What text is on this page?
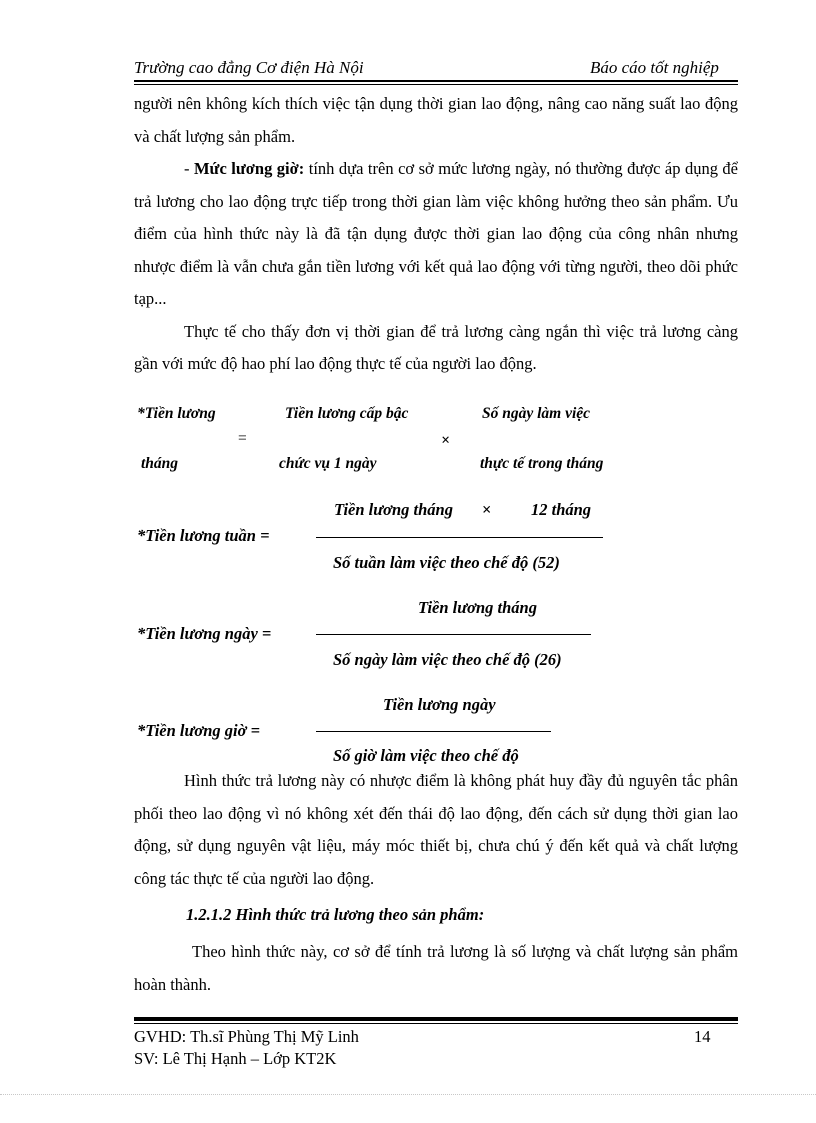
Trường cao đẳng Cơ điện Hà Nội	Báo cáo tốt nghiệp

người nên không kích thích việc tận dụng thời gian lao động, nâng cao năng suất lao động và chất lượng sản phẩm.

- Mức lương giờ: tính dựa trên cơ sở mức lương ngày, nó thường được áp dụng để trả lương cho lao động trực tiếp trong thời gian làm việc không hưởng theo sản phẩm. Ưu điểm của hình thức này là đã tận dụng được thời gian lao động của công nhân nhưng nhược điểm là vẫn chưa gắn tiền lương với kết quả lao động với từng người, theo dõi phức tạp...

Thực tế cho thấy đơn vị thời gian để trả lương càng ngắn thì việc trả lương càng gần với mức độ hao phí lao động thực tế của người lao động.

*Tiền lương
tháng
=
Tiền lương cấp bậc
chức vụ 1 ngày
×
Số ngày làm việc
thực tế trong tháng
Tiền lương tháng × 12 tháng
*Tiền lương tuần =
Số tuần làm việc theo chế độ (52)
Tiền lương tháng
*Tiền lương ngày =
Số ngày làm việc theo chế độ (26)
Tiền lương ngày
*Tiền lương giờ =
Số giờ làm việc theo chế độ

Hình thức trả lương này có nhược điểm là không phát huy đầy đủ nguyên tắc phân phối theo lao động vì nó không xét đến thái độ lao động, đến cách sử dụng thời gian lao động, sử dụng nguyên vật liệu, máy móc thiết bị, chưa chú ý đến kết quả và chất lượng công tác thực tế của người lao động.

1.2.1.2 Hình thức trả lương theo sản phẩm:

Theo hình thức này, cơ sở để tính trả lương là số lượng và chất lượng sản phẩm hoàn thành.

GVHD: Th.sĩ Phùng Thị Mỹ Linh	14
SV: Lê Thị Hạnh – Lớp KT2K
